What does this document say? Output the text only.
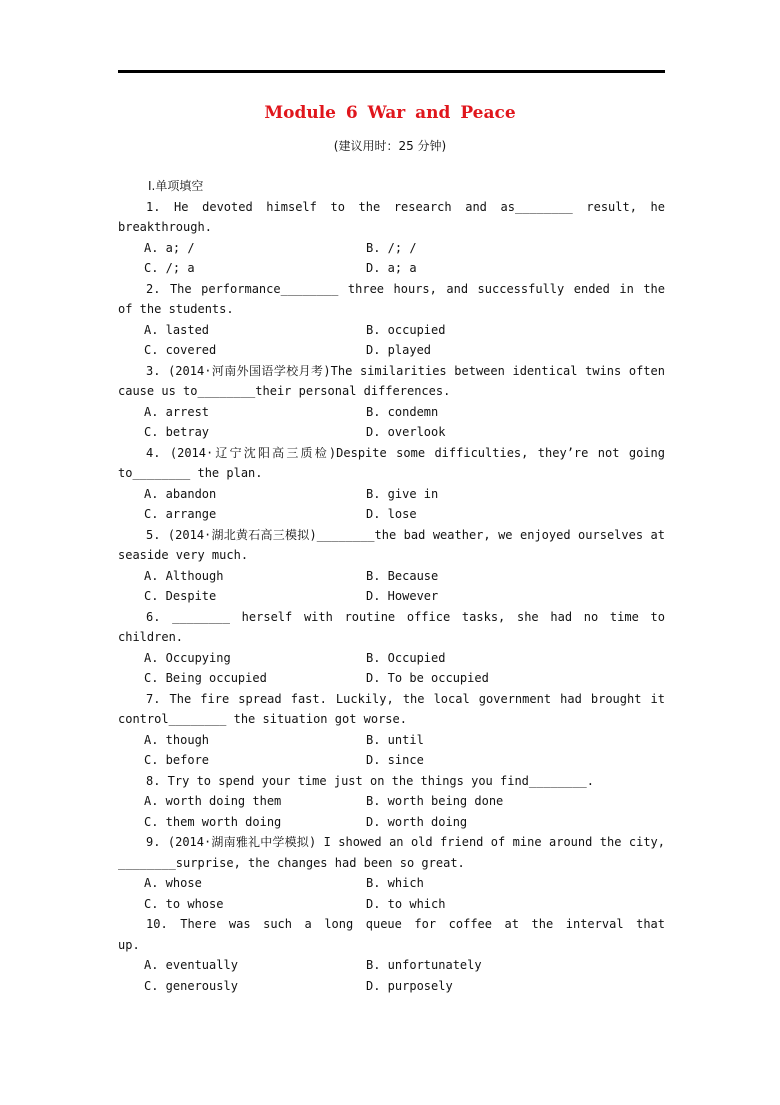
Module 6 War and Peace
(建议用时：25 分钟)
Ⅰ.单项填空
1. He devoted himself to the research and as________ result, he
breakthrough.
A. a; /	B. /; /
C. /; a	D. a; a
2. The performance________ three hours, and successfully ended in the
of the students.
A. lasted	B. occupied
C. covered	D. played
3. (2014·河南外国语学校月考)The similarities between identical twins often
cause us to________their personal differences.
A. arrest	B. condemn
C. betray	D. overlook
4. (2014·辽宁沈阳高三质检)Despite some difficulties, they’re not going
to________ the plan.
A. abandon	B. give in
C. arrange	D. lose
5. (2014·湖北黄石高三模拟)________the bad weather, we enjoyed ourselves at
seaside very much.
A. Although	B. Because
C. Despite	D. However
6. ________ herself with routine office tasks, she had no time to
children.
A. Occupying	B. Occupied
C. Being occupied	D. To be occupied
7. The fire spread fast. Luckily, the local government had brought it
control________ the situation got worse.
A. though	B. until
C. before	D. since
8. Try to spend your time just on the things you find________.
A. worth doing them	B. worth being done
C. them worth doing	D. worth doing
9. (2014·湖南雅礼中学模拟) I showed an old friend of mine around the city,
________surprise, the changes had been so great.
A. whose	B. which
C. to whose	D. to which
10. There was such a long queue for coffee at the interval that
up.
A. eventually	B. unfortunately
C. generously	D. purposely
